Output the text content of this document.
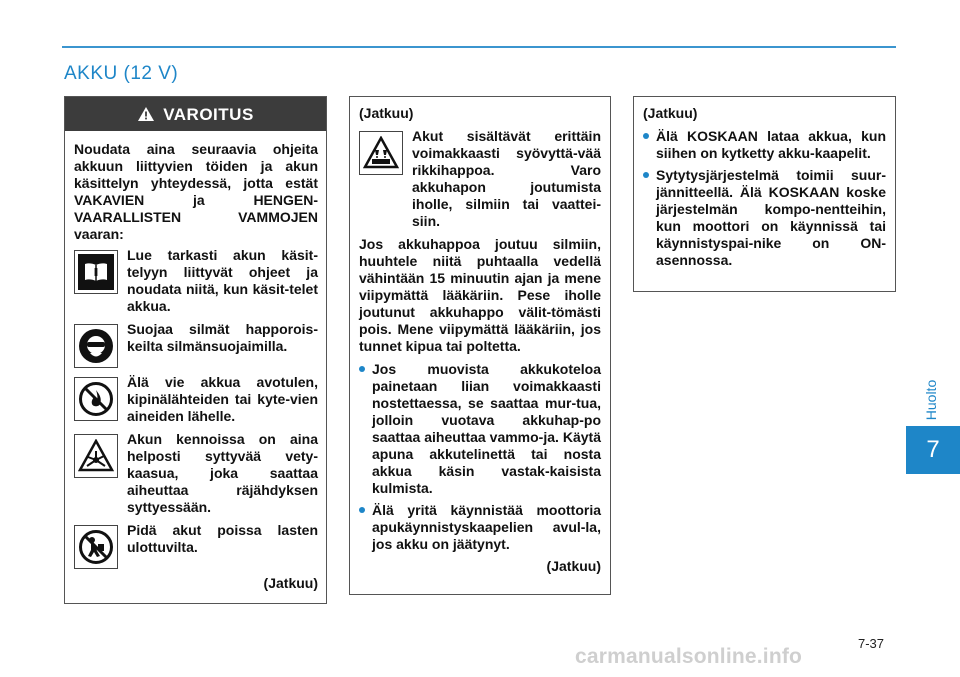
AKKU (12 V)
Huolto
7
VAROITUS

Noudata aina seuraavia ohjeita akkuun liittyvien töiden ja akun käsittelyn yhteydessä, jotta estät VAKAVIEN ja HENGEN-VAARALLISTEN VAMMOJEN vaaran:

Lue tarkasti akun käsit-telyyn liittyvät ohjeet ja noudata niitä, kun käsit-telet akkua.

Suojaa silmät happorois-keilta silmänsuojaimilla.

Älä vie akkua avotulen, kipinälähteiden tai kyte-vien aineiden lähelle.

Akun kennoissa on aina helposti syttyvää vety-kaasua, joka saattaa aiheuttaa räjähdyksen syttyessään.

Pidä akut poissa lasten ulottuvilta.

(Jatkuu)

(Jatkuu)

Akut sisältävät erittäin voimakkaasti syövyttä-vää rikkihappoa. Varo akkuhapon joutumista iholle, silmiin tai vaattei-siin.

Jos akkuhappoa joutuu silmiin, huuhtele niitä puhtaalla vedellä vähintään 15 minuutin ajan ja mene viipymättä lääkäriin. Pese iholle joutunut akkuhappo välit-tömästi pois. Mene viipymättä lääkäriin, jos tunnet kipua tai poltetta.

Jos muovista akkukoteloa painetaan liian voimakkaasti nostettaessa, se saattaa mur-tua, jolloin vuotava akkuhap-po saattaa aiheuttaa vammo-ja. Käytä apuna akkutelinettä tai nosta akkua käsin vastak-kaisista kulmista.
Älä yritä käynnistää moottoria apukäynnistyskaapelien avul-la, jos akku on jäätynyt.

(Jatkuu)

(Jatkuu)

Älä KOSKAAN lataa akkua, kun siihen on kytketty akku-kaapelit.
Sytytysjärjestelmä toimii suur-jännitteellä. Älä KOSKAAN koske järjestelmän kompo-nentteihin, kun moottori on käynnissä tai käynnistyspai-nike on ON-asennossa.
7-37
carmanualsonline.info
